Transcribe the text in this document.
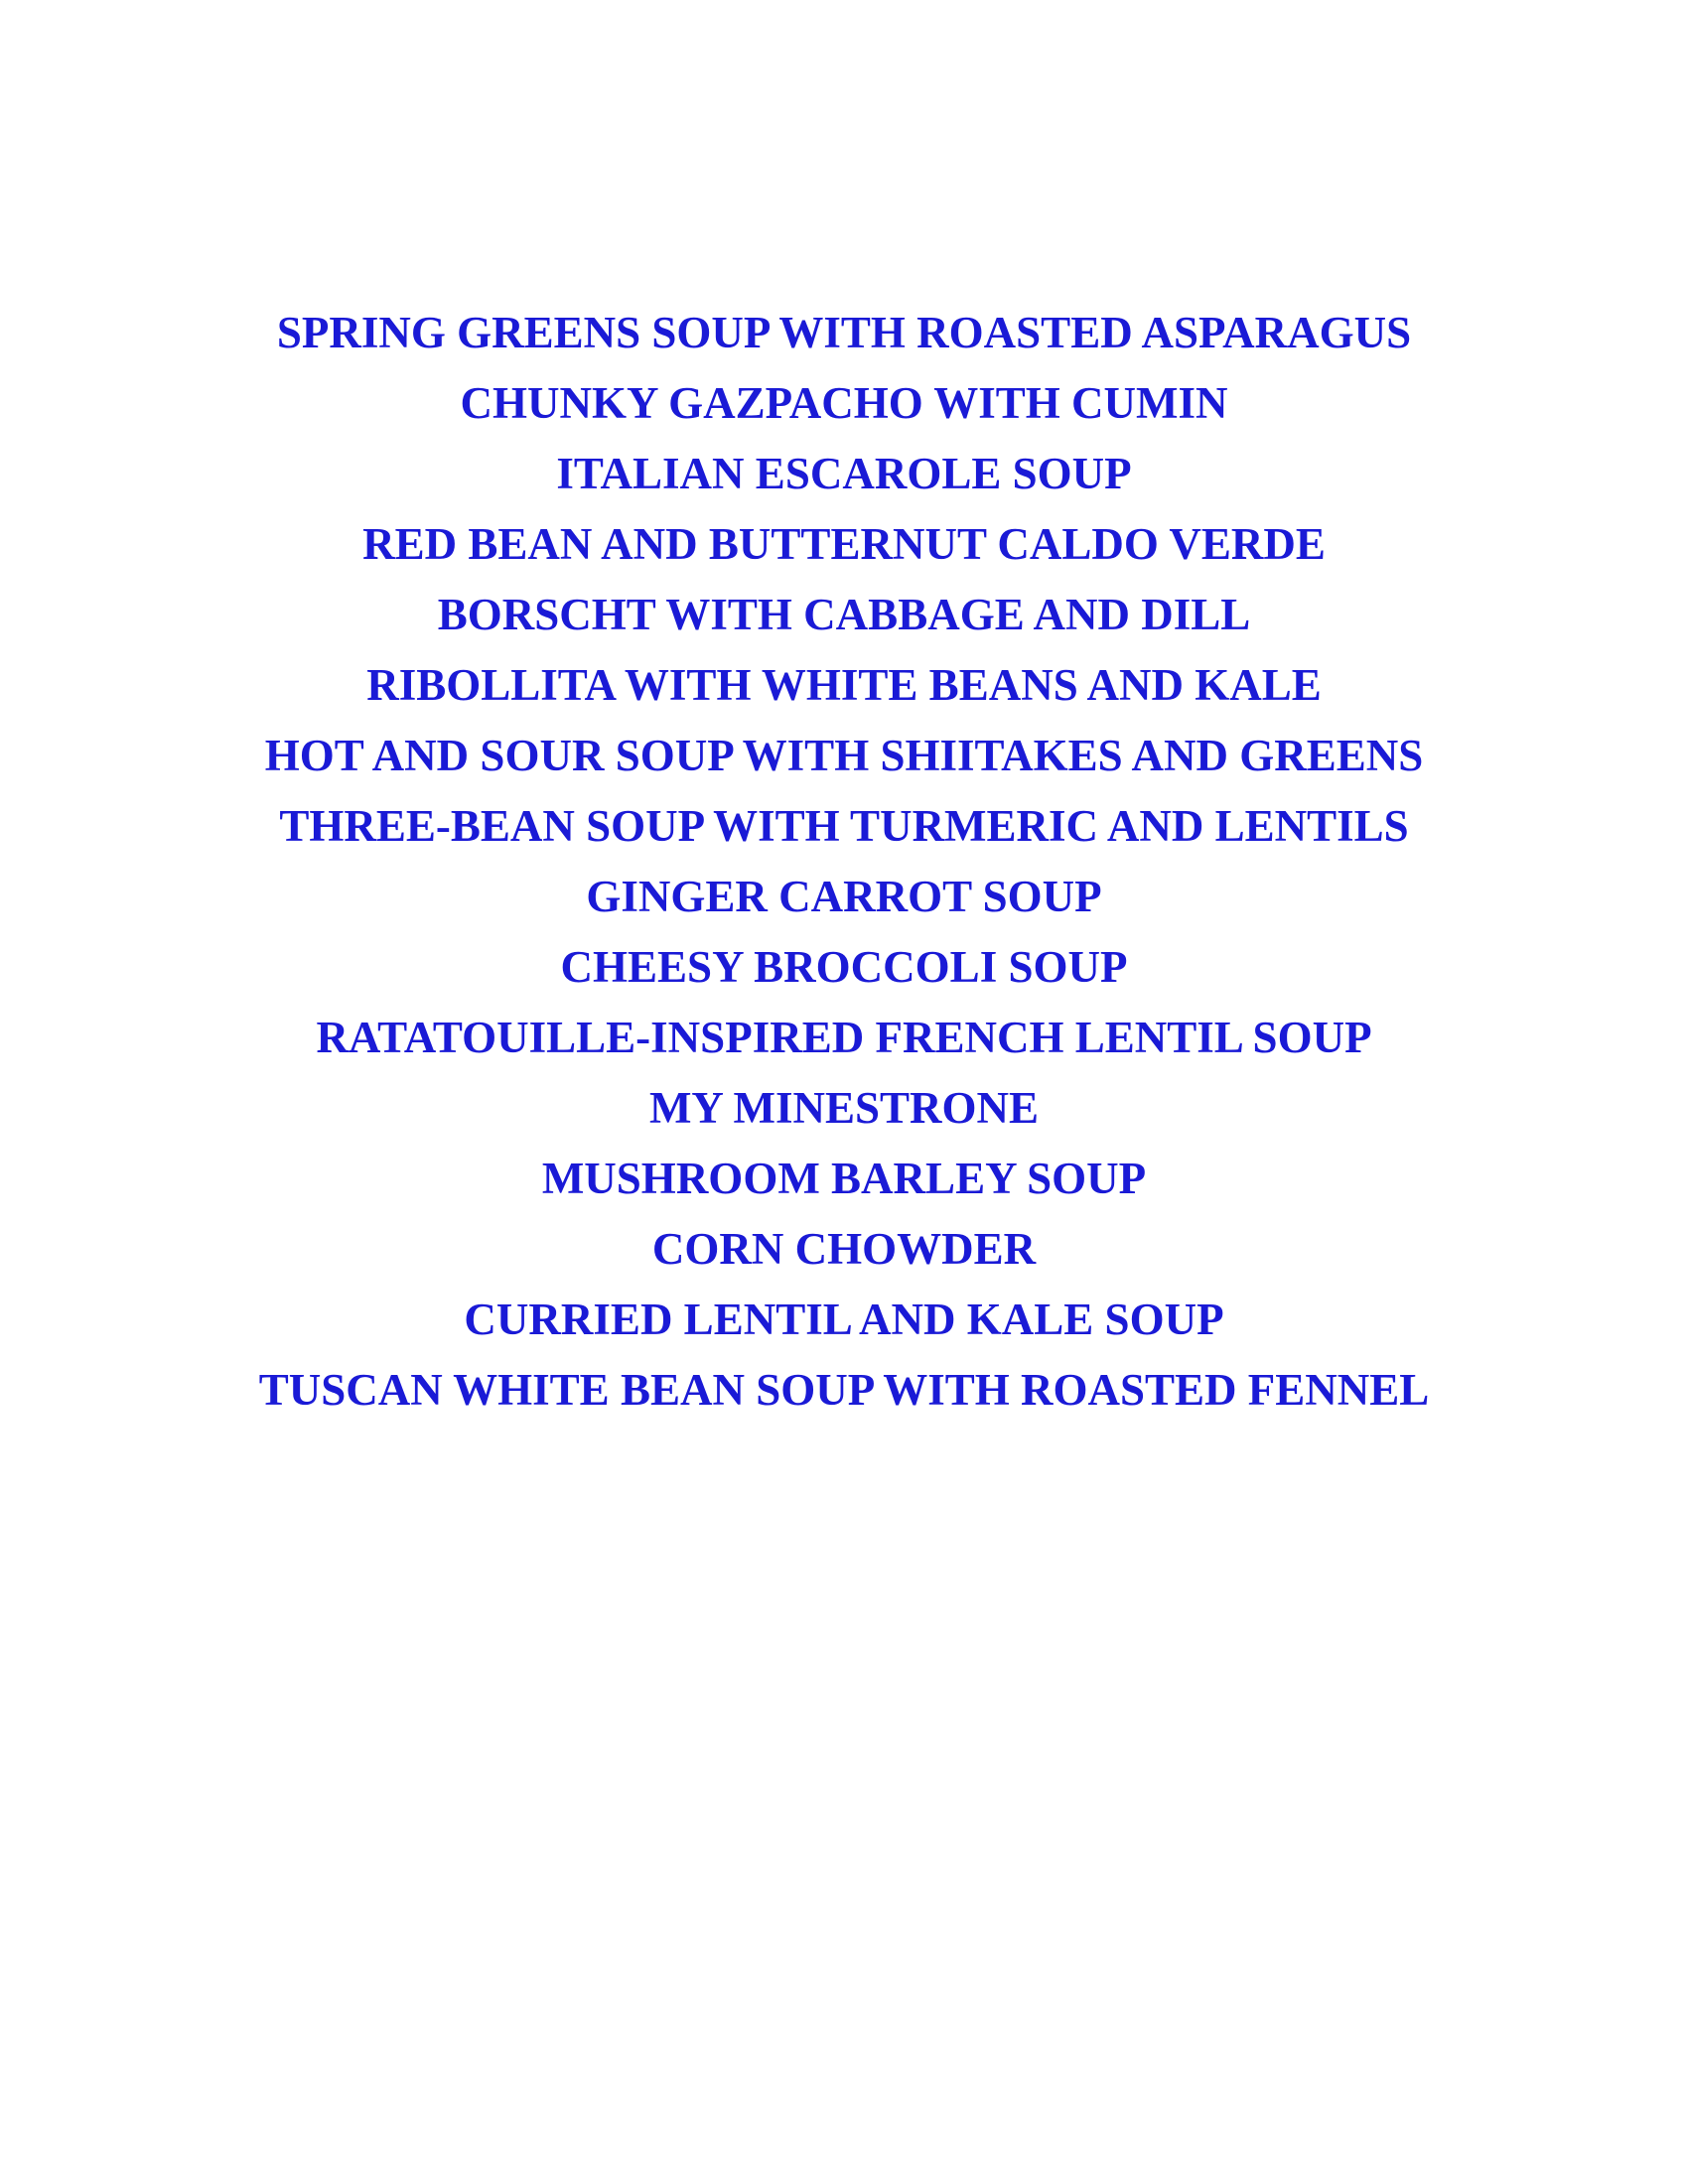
SPRING GREENS SOUP WITH ROASTED ASPARAGUS
CHUNKY GAZPACHO WITH CUMIN
ITALIAN ESCAROLE SOUP
RED BEAN AND BUTTERNUT CALDO VERDE
BORSCHT WITH CABBAGE AND DILL
RIBOLLITA WITH WHITE BEANS AND KALE
HOT AND SOUR SOUP WITH SHIITAKES AND GREENS
THREE-BEAN SOUP WITH TURMERIC AND LENTILS
GINGER CARROT SOUP
CHEESY BROCCOLI SOUP
RATATOUILLE-INSPIRED FRENCH LENTIL SOUP
MY MINESTRONE
MUSHROOM BARLEY SOUP
CORN CHOWDER
CURRIED LENTIL AND KALE SOUP
TUSCAN WHITE BEAN SOUP WITH ROASTED FENNEL
